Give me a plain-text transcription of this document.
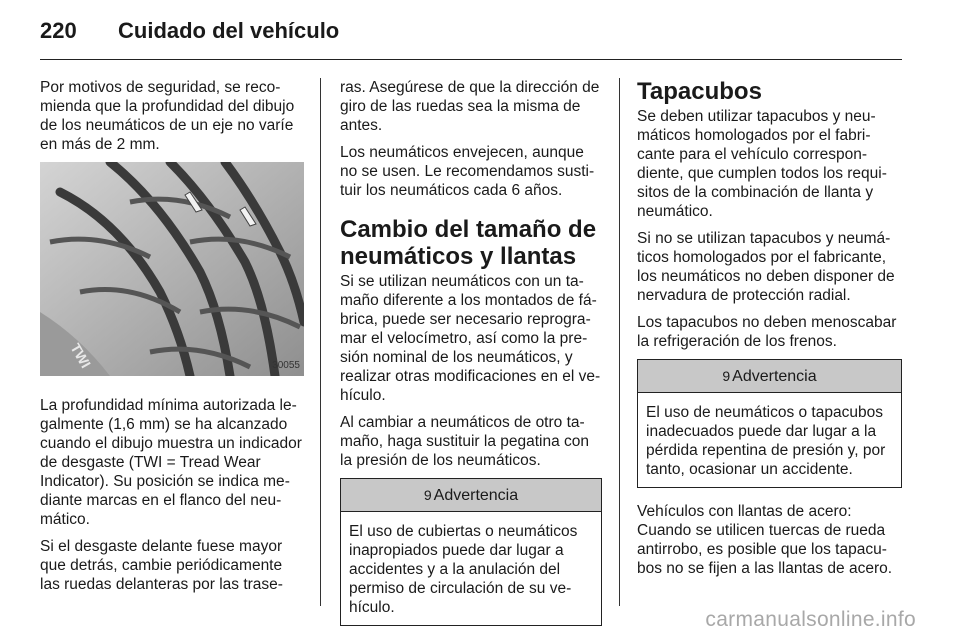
220 Cuidado del vehículo

Por motivos de seguridad, se recomienda que la profundidad del dibujo de los neumáticos de un eje no varíe en más de 2 mm.

TWI	30055

La profundidad mínima autorizada legalmente (1,6 mm) se ha alcanzado cuando el dibujo muestra un indicador de desgaste (TWI = Tread Wear Indicator). Su posición se indica mediante marcas en el flanco del neumático.

Si el desgaste delante fuese mayor que detrás, cambie periódicamente las ruedas delanteras por las trase-

ras. Asegúrese de que la dirección de giro de las ruedas sea la misma de antes.

Los neumáticos envejecen, aunque no se usen. Le recomendamos sustituir los neumáticos cada 6 años.

Cambio del tamaño de neumáticos y llantas

Si se utilizan neumáticos con un tamaño diferente a los montados de fábrica, puede ser necesario reprogramar el velocímetro, así como la presión nominal de los neumáticos, y realizar otras modificaciones en el vehículo.

Al cambiar a neumáticos de otro tamaño, haga sustituir la pegatina con la presión de los neumáticos.

9 Advertencia
El uso de cubiertas o neumáticos inapropiados puede dar lugar a accidentes y a la anulación del permiso de circulación de su vehículo.
Tapacubos

Se deben utilizar tapacubos y neumáticos homologados por el fabricante para el vehículo correspondiente, que cumplen todos los requisitos de la combinación de llanta y neumático.

Si no se utilizan tapacubos y neumáticos homologados por el fabricante, los neumáticos no deben disponer de nervadura de protección radial.

Los tapacubos no deben menoscabar la refrigeración de los frenos.

9 Advertencia
El uso de neumáticos o tapacubos inadecuados puede dar lugar a la pérdida repentina de presión y, por tanto, ocasionar un accidente.

Vehículos con llantas de acero: Cuando se utilicen tuercas de rueda antirrobo, es posible que los tapacubos no se fijen a las llantas de acero.

carmanualsonline.info
